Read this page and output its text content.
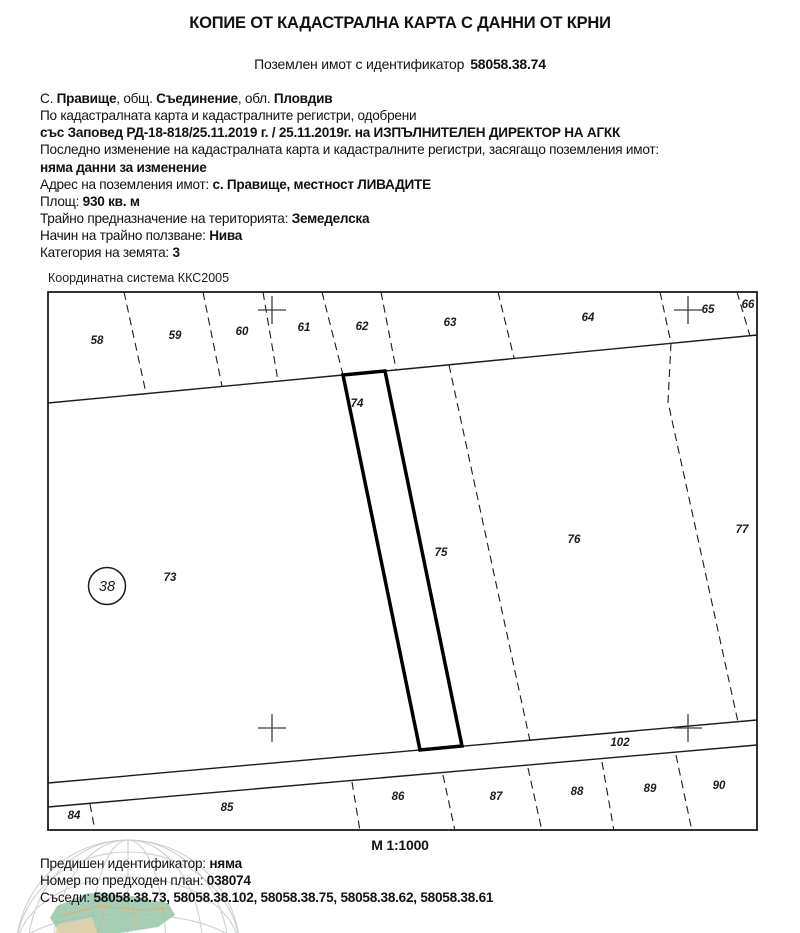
Координатна система ККС2005
38
58	59	60	61	62	63	64
65 66
73
74
75
76
77
84
85
86	87	88	89	90
102
КОПИЕ ОТ КАДАСТРАЛНА КАРТА С ДАННИ ОТ КРНИ
Поземлен имот с идентификатор 58058.38.74
С. Правище, общ. Съединение, обл. Пловдив
По кадастралната карта и кадастралните регистри, одобрени
със Заповед РД-18-818/25.11.2019 г. / 25.11.2019г. на ИЗПЪЛНИТЕЛЕН ДИРЕКТОР НА АГКК
Последно изменение на кадастралната карта и кадастралните регистри, засягащо поземления имот:
няма данни за изменение
Адрес на поземления имот: с. Правище, местност ЛИВАДИТЕ
Площ: 930 кв. м
Трайно предназначение на територията: Земеделска
Начин на трайно ползване: Нива
Категория на земята: 3
М 1:1000
Предишен идентификатор: няма
Номер по предходен план: 038074
Съседи: 58058.38.73, 58058.38.102, 58058.38.75, 58058.38.62, 58058.38.61
